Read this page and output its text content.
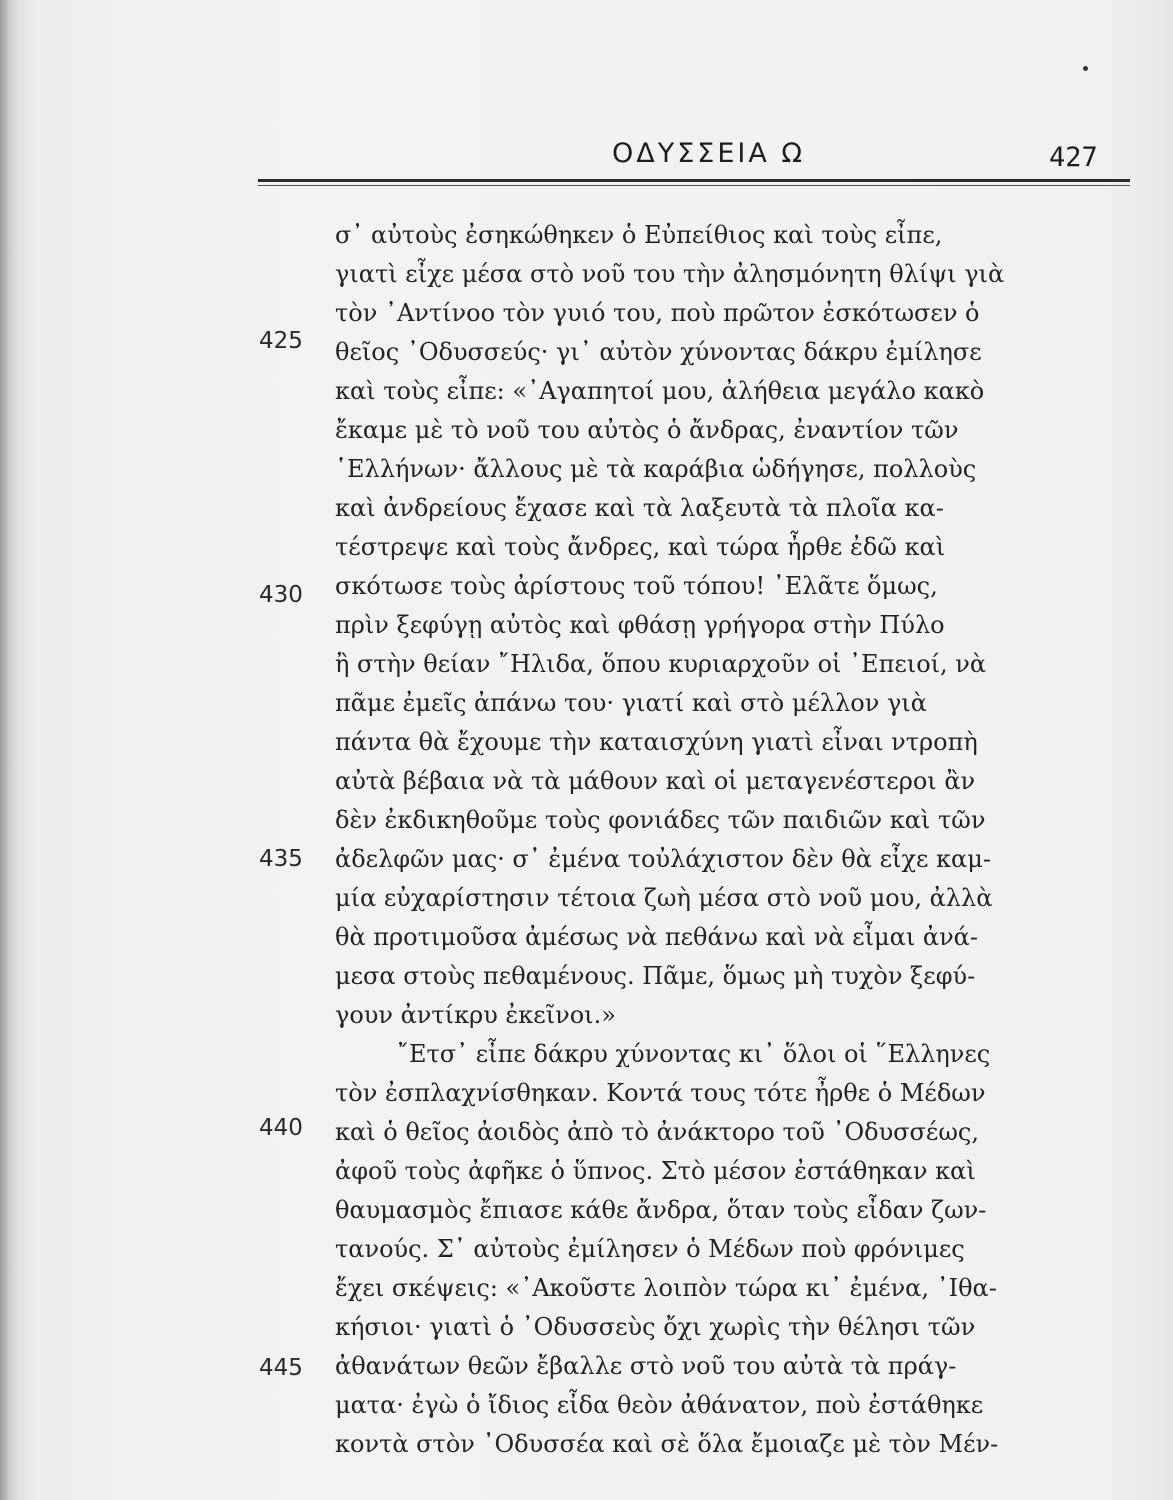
ΟΔΥΣΣΕΙΑ Ω	427
425
430
435
440
445
σ᾽ αὐτοὺς ἐσηκώθηκεν ὁ Εὐπείθιος καὶ τοὺς εἶπε,
γιατὶ εἶχε μέσα στὸ νοῦ του τὴν ἀλησμόνητη θλίψι γιὰ
τὸν ᾽Αντίνοο τὸν γυιό του, ποὺ πρῶτον ἐσκότωσεν ὁ
θεῖος ᾽Οδυσσεύς· γι᾽ αὐτὸν χύνοντας δάκρυ ἐμίλησε
καὶ τοὺς εἶπε: «᾽Αγαπητοί μου, ἀλήθεια μεγάλο κακὸ
ἔκαμε μὲ τὸ νοῦ του αὐτὸς ὁ ἄνδρας, ἐναντίον τῶν
῾Ελλήνων· ἄλλους μὲ τὰ καράβια ὡδήγησε, πολλοὺς
καὶ ἀνδρείους ἔχασε καὶ τὰ λαξευτὰ τὰ πλοῖα κα-
τέστρεψε καὶ τοὺς ἄνδρες, καὶ τώρα ἦρθε ἐδῶ καὶ
σκότωσε τοὺς ἀρίστους τοῦ τόπου! ᾽Ελᾶτε ὅμως,
πρὶν ξεφύγῃ αὐτὸς καὶ φθάσῃ γρήγορα στὴν Πύλο
ἢ στὴν θείαν ῎Ηλιδα, ὅπου κυριαρχοῦν οἱ ᾽Επειοί, νὰ
πᾶμε ἐμεῖς ἀπάνω του· γιατί καὶ στὸ μέλλον γιὰ
πάντα θὰ ἔχουμε τὴν καταισχύνη γιατὶ εἶναι ντροπὴ
αὐτὰ βέβαια νὰ τὰ μάθουν καὶ οἱ μεταγενέστεροι ἂν
δὲν ἐκδικηθοῦμε τοὺς φονιάδες τῶν παιδιῶν καὶ τῶν
ἀδελφῶν μας· σ᾽ ἐμένα τοὐλάχιστον δὲν θὰ εἶχε καμ-
μία εὐχαρίστησιν τέτοια ζωὴ μέσα στὸ νοῦ μου, ἀλλὰ
θὰ προτιμοῦσα ἀμέσως νὰ πεθάνω καὶ νὰ εἶμαι ἀνά-
μεσα στοὺς πεθαμένους. Πᾶμε, ὅμως μὴ τυχὸν ξεφύ-
γουν ἀντίκρυ ἐκεῖνοι.»
῎Ετσ᾽ εἶπε δάκρυ χύνοντας κι᾽ ὅλοι οἱ ῞Ελληνες
τὸν ἐσπλαχνίσθηκαν. Κοντά τους τότε ἦρθε ὁ Μέδων
καὶ ὁ θεῖος ἀοιδὸς ἀπὸ τὸ ἀνάκτορο τοῦ ᾽Οδυσσέως,
ἀφοῦ τοὺς ἀφῆκε ὁ ὕπνος. Στὸ μέσον ἐστάθηκαν καὶ
θαυμασμὸς ἔπιασε κάθε ἄνδρα, ὅταν τοὺς εἶδαν ζων-
τανούς. Σ᾽ αὐτοὺς ἐμίλησεν ὁ Μέδων ποὺ φρόνιμες
ἔχει σκέψεις: «᾽Ακοῦστε λοιπὸν τώρα κι᾽ ἐμένα, ᾽Ιθα-
κήσιοι· γιατὶ ὁ ᾽Οδυσσεὺς ὄχι χωρὶς τὴν θέλησι τῶν
ἀθανάτων θεῶν ἔβαλλε στὸ νοῦ του αὐτὰ τὰ πράγ-
ματα· ἐγὼ ὁ ἴδιος εἶδα θεὸν ἀθάνατον, ποὺ ἐστάθηκε
κοντὰ στὸν ᾽Οδυσσέα καὶ σὲ ὅλα ἔμοιαζε μὲ τὸν Μέν-
